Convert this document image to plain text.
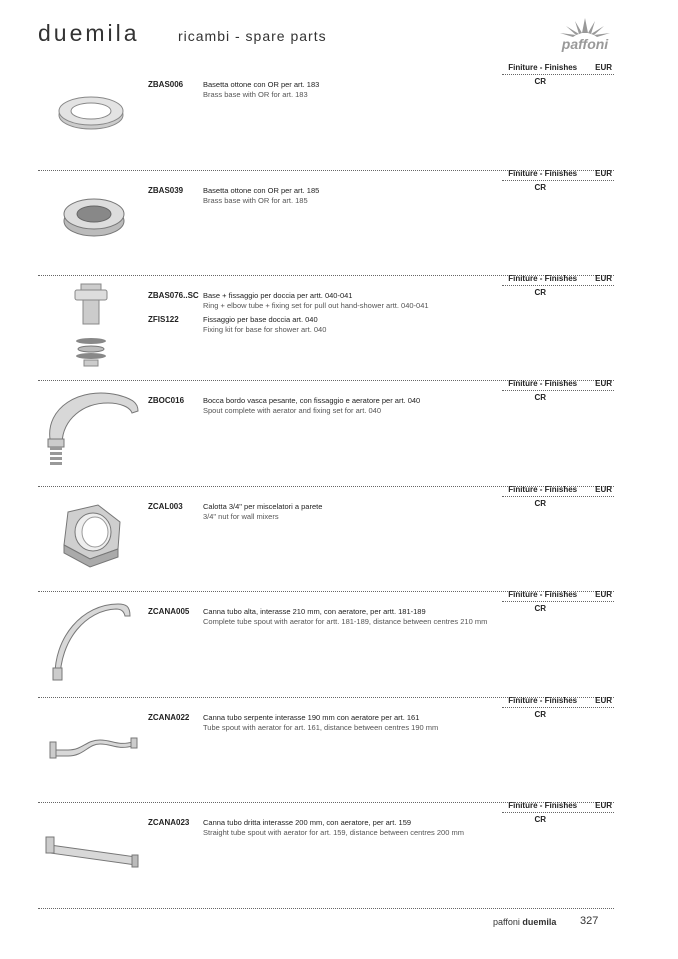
duemila	ricambi - spare parts	paffoni
Finiture - Finishes EUR
CR
ZBAS006	Basetta ottone con OR per art. 183
Brass base with OR for art. 183
Finiture - Finishes EUR
CR
ZBAS039	Basetta ottone con OR per art. 185
Brass base with OR for art. 185
Finiture - Finishes EUR
CR
ZBAS076..SC Base + fissaggio per doccia per artt. 040-041
Ring + elbow tube + fixing set for pull out hand-shower artt. 040-041
ZFIS122	Fissaggio per base doccia art. 040
Fixing kit for base for shower art. 040
Finiture - Finishes EUR
CR
ZBOC016	Bocca bordo vasca pesante, con fissaggio e aeratore per art. 040
Spout complete with aerator and fixing set for art. 040
Finiture - Finishes EUR
CR
ZCAL003	Calotta 3/4" per miscelatori a parete
3/4" nut for wall mixers
Finiture - Finishes EUR
CR
ZCANA005 Canna tubo alta, interasse 210 mm, con aeratore, per artt. 181-189
Complete tube spout with aerator for artt. 181-189, distance between centres 210 mm
Finiture - Finishes EUR
CR
ZCANA022 Canna tubo serpente interasse 190 mm con aeratore per art. 161
Tube spout with aerator for art. 161, distance between centres 190 mm
Finiture - Finishes EUR
CR
ZCANA023 Canna tubo dritta interasse 200 mm, con aeratore, per art. 159
Straight tube spout with aerator for art. 159, distance between centres 200 mm
paffoni duemila 327
